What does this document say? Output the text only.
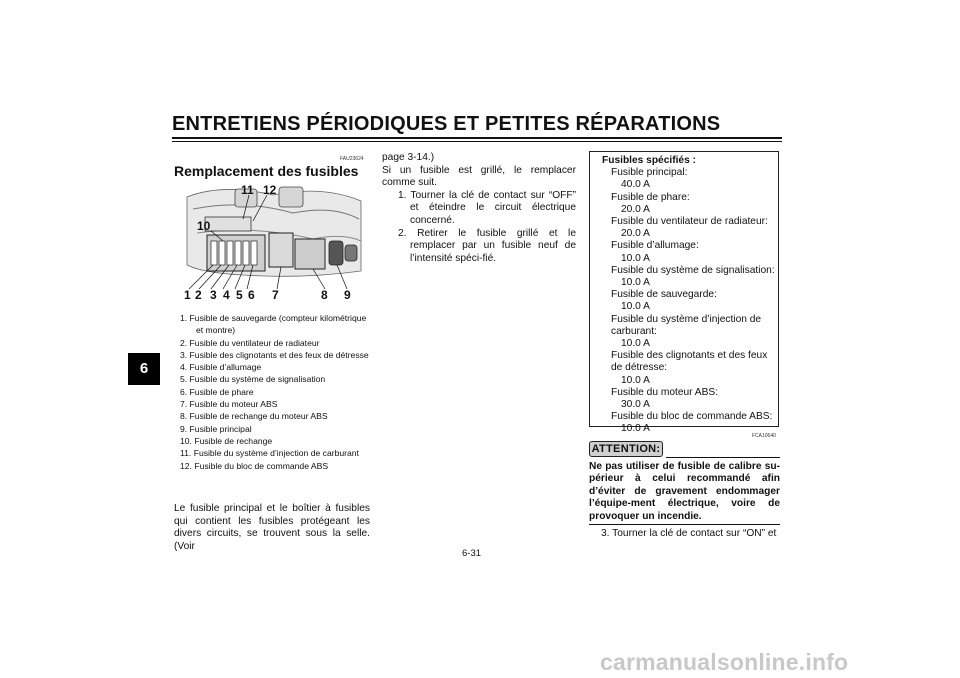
ENTRETIENS PÉRIODIQUES ET PETITES RÉPARATIONS
6
FAU23624
Remplacement des fusibles
11 12
10
1 2 3 4 5 6 7	8 9
1. Fusible de sauvegarde (compteur kilométrique et montre)
2. Fusible du ventilateur de radiateur
3. Fusible des clignotants et des feux de détresse
4. Fusible d’allumage
5. Fusible du système de signalisation
6. Fusible de phare
7. Fusible du moteur ABS
8. Fusible de rechange du moteur ABS
9. Fusible principal
10. Fusible de rechange
11. Fusible du système d’injection de carburant
12. Fusible du bloc de commande ABS
Le fusible principal et le boîtier à fusibles qui contient les fusibles protégeant les divers circuits, se trouvent sous la selle. (Voir
page 3-14.)
Si un fusible est grillé, le remplacer comme suit.
1. Tourner la clé de contact sur “OFF” et éteindre le circuit électrique concerné.
2. Retirer le fusible grillé et le remplacer par un fusible neuf de l’intensité spéci-fié.
Fusibles spécifiés :
Fusible principal:
40.0 A
Fusible de phare:
20.0 A
Fusible du ventilateur de radiateur:
20.0 A
Fusible d’allumage:
10.0 A
Fusible du système de signalisation:
10.0 A
Fusible de sauvegarde:
10.0 A
Fusible du système d’injection de carburant:
10.0 A
Fusible des clignotants et des feux de détresse:
10.0 A
Fusible du moteur ABS:
30.0 A
Fusible du bloc de commande ABS:
10.0 A
FCA10640
ATTENTION:
Ne pas utiliser de fusible de calibre su-périeur à celui recommandé afin d’éviter de gravement endommager l’équipe-ment électrique, voire de provoquer un incendie.
3. Tourner la clé de contact sur “ON” et
6-31
carmanualsonline.info
